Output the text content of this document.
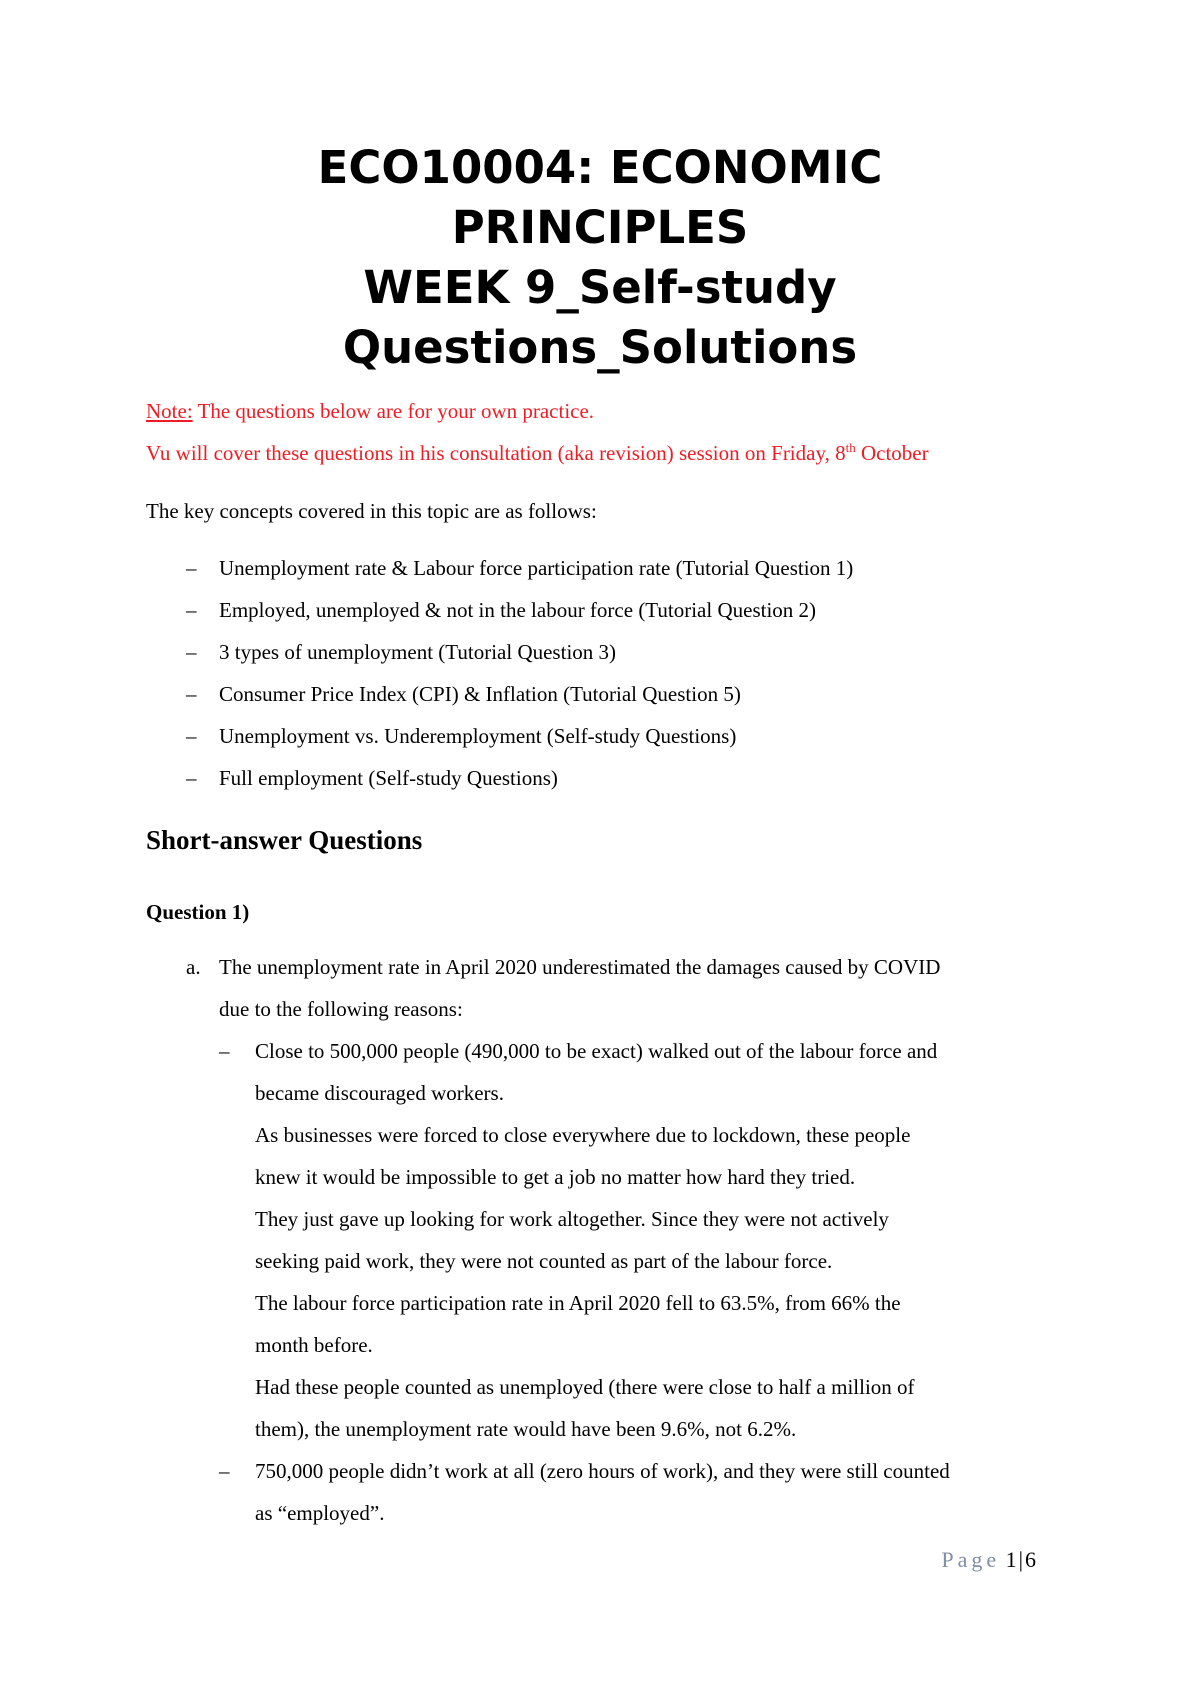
ECO10004: ECONOMIC
PRINCIPLES
WEEK 9_Self-study
Questions_Solutions
Note: The questions below are for your own practice.
Vu will cover these questions in his consultation (aka revision) session on Friday, 8th October
The key concepts covered in this topic are as follows:
–
Unemployment rate & Labour force participation rate (Tutorial Question 1)
–
Employed, unemployed & not in the labour force (Tutorial Question 2)
–
3 types of unemployment (Tutorial Question 3)
–
Consumer Price Index (CPI) & Inflation (Tutorial Question 5)
–
Unemployment vs. Underemployment (Self-study Questions)
–
Full employment (Self-study Questions)
Short-answer Questions
Question 1)
a. The unemployment rate in April 2020 underestimated the damages caused by COVID
due to the following reasons:
–
Close to 500,000 people (490,000 to be exact) walked out of the labour force and
became discouraged workers.
As businesses were forced to close everywhere due to lockdown, these people
knew it would be impossible to get a job no matter how hard they tried.
They just gave up looking for work altogether. Since they were not actively
seeking paid work, they were not counted as part of the labour force.
The labour force participation rate in April 2020 fell to 63.5%, from 66% the
month before.
Had these people counted as unemployed (there were close to half a million of
them), the unemployment rate would have been 9.6%, not 6.2%.
–
750,000 people didn’t work at all (zero hours of work), and they were still counted
as “employed”.
Page 1|6
